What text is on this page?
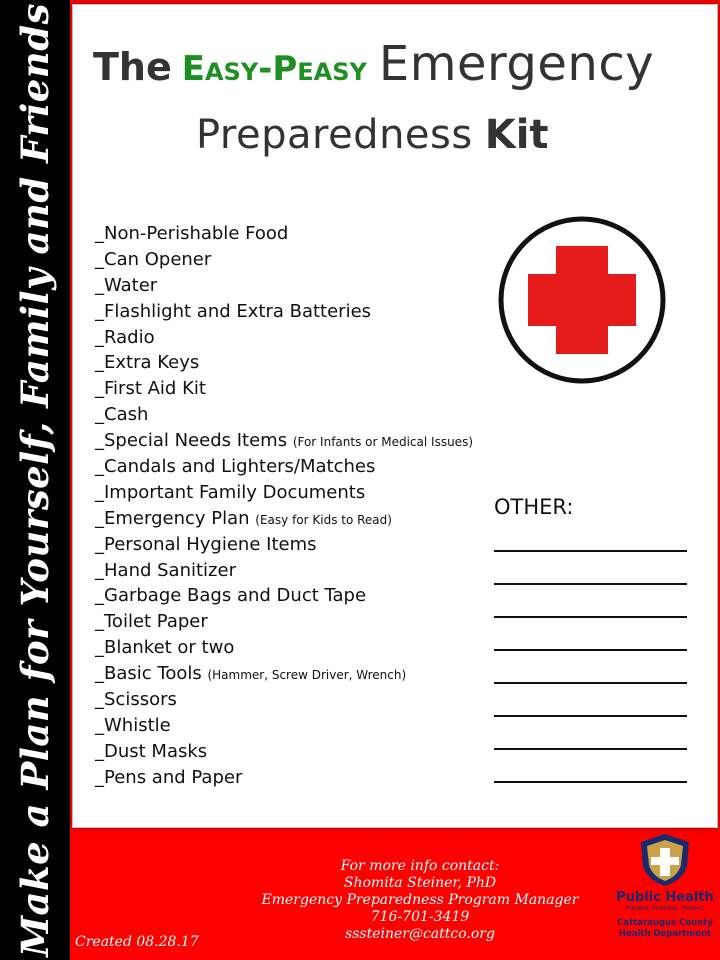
Make a Plan for Yourself, Family and Friends The Easy-Peasy Emergency
Preparedness Kit
_Non-Perishable Food
_Can Opener
_Water
_Flashlight and Extra Batteries
_Radio
_Extra Keys
_First Aid Kit
_Cash
_Special Needs Items (For Infants or Medical Issues)
_Candals and Lighters/Matches
_Important Family Documents
_Emergency Plan (Easy for Kids to Read)
_Personal Hygiene Items
_Hand Sanitizer
_Garbage Bags and Duct Tape
_Toilet Paper
_Blanket or two
_Basic Tools (Hammer, Screw Driver, Wrench)
_Scissors
_Whistle
_Dust Masks
_Pens and Paper
OTHER:
For more info contact:
Shomita Steiner, PhD
Emergency Preparedness Program Manager
716-701-3419
sssteiner@cattco.org
Created 08.28.17
Public Health
Prevent. Promote. Protect.
Cattaraugus County
Health Department
